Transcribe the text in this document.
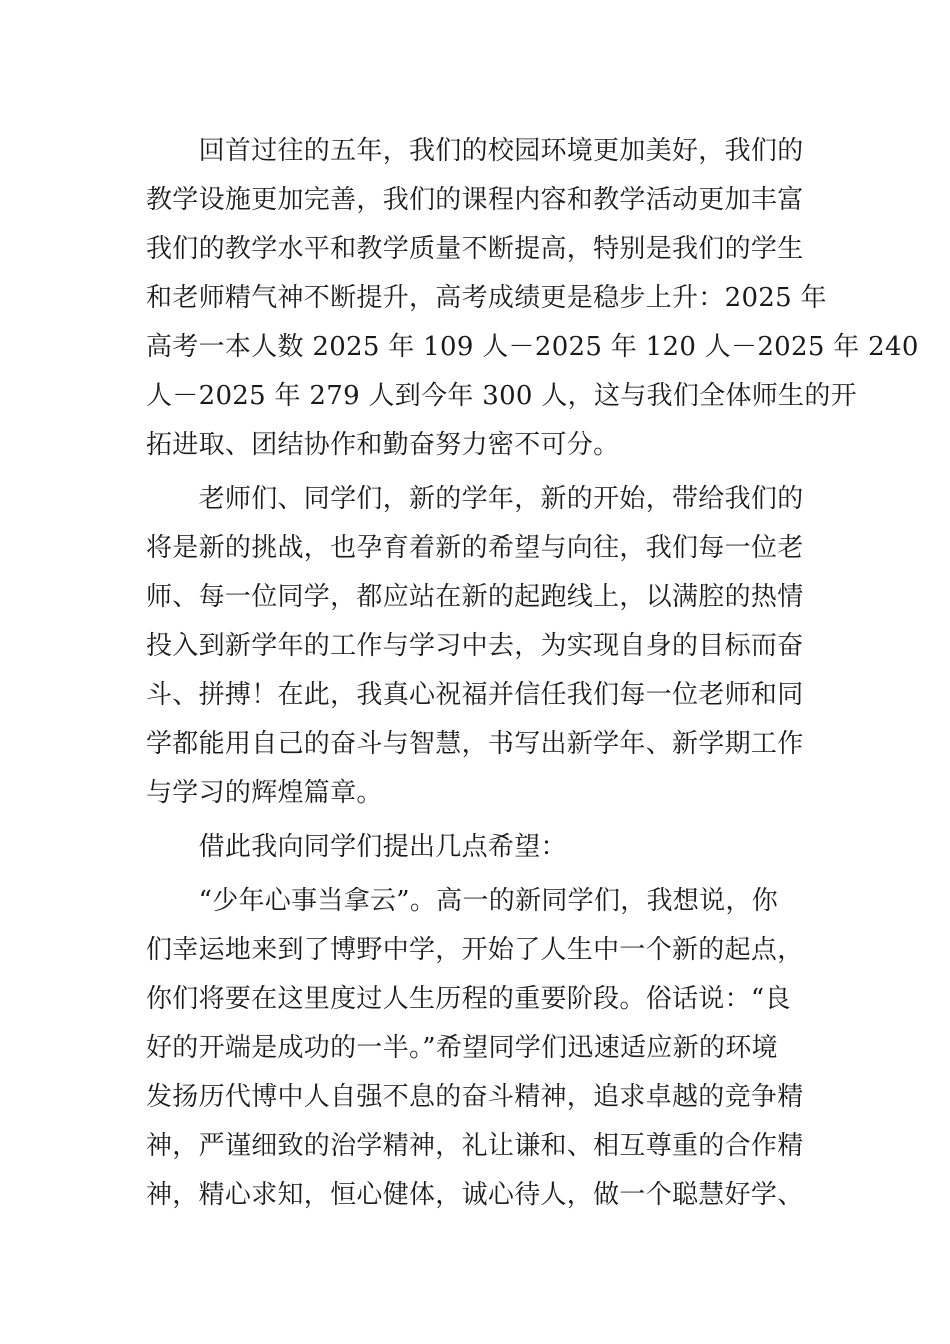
　　回首过往的五年，我们的校园环境更加美好，我们的
教学设施更加完善，我们的课程内容和教学活动更加丰富
我们的教学水平和教学质量不断提高，特别是我们的学生
和老师精气神不断提升，高考成绩更是稳步上升：2025 年
高考一本人数 2025 年 109 人－2025 年 120 人－2025 年 240
人－2025 年 279 人到今年 300 人，这与我们全体师生的开
拓进取、团结协作和勤奋努力密不可分。
　　老师们、同学们，新的学年，新的开始，带给我们的
将是新的挑战，也孕育着新的希望与向往，我们每一位老
师、每一位同学，都应站在新的起跑线上，以满腔的热情
投入到新学年的工作与学习中去，为实现自身的目标而奋
斗、拼搏！在此，我真心祝福并信任我们每一位老师和同
学都能用自己的奋斗与智慧，书写出新学年、新学期工作
与学习的辉煌篇章。
　　借此我向同学们提出几点希望：
　　“少年心事当拿云”。高一的新同学们，我想说，你
们幸运地来到了博野中学，开始了人生中一个新的起点，
你们将要在这里度过人生历程的重要阶段。俗话说：“良
好的开端是成功的一半。”希望同学们迅速适应新的环境
发扬历代博中人自强不息的奋斗精神，追求卓越的竞争精
神，严谨细致的治学精神，礼让谦和、相互尊重的合作精
神，精心求知，恒心健体，诚心待人，做一个聪慧好学、
